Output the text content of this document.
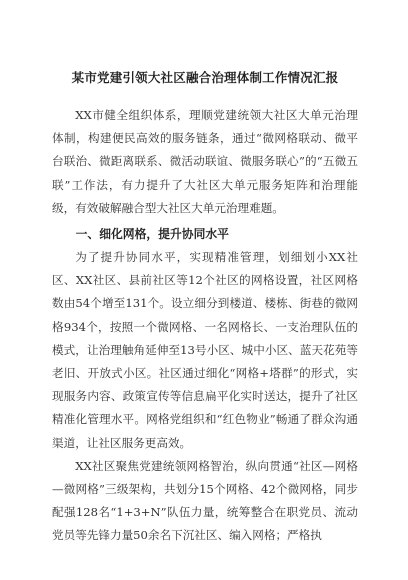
某市党建引领大社区融合治理体制工作情况汇报

XX市健全组织体系，理顺党建统领大社区大单元治理体制，构建便民高效的服务链条，通过“微网格联动、微平台联治、微距离联系、微活动联谊、微服务联心”的“五微五联”工作法，有力提升了大社区大单元服务矩阵和治理能级，有效破解融合型大社区大单元治理难题。

一、细化网格，提升协同水平

为了提升协同水平，实现精准管理，划细划小XX社区、XX社区、县前社区等12个社区的网格设置，社区网格数由54个增至131个。设立细分到楼道、楼栋、街巷的微网格934个，按照一个微网格、一名网格长、一支治理队伍的模式，让治理触角延伸至13号小区、城中小区、蓝天花苑等老旧、开放式小区。社区通过细化“网格+塔群”的形式，实现服务内容、政策宣传等信息扁平化实时送达，提升了社区精准化管理水平。网格党组织和“红色物业”畅通了群众沟通渠道，让社区服务更高效。

XX社区聚焦党建统领网格智治，纵向贯通“社区—网格—微网格”三级架构，共划分15个网格、42个微网格，同步配强128名“1+3+N”队伍力量，统筹整合在职党员、流动党员等先锋力量50余名下沉社区、编入网格；严格执
